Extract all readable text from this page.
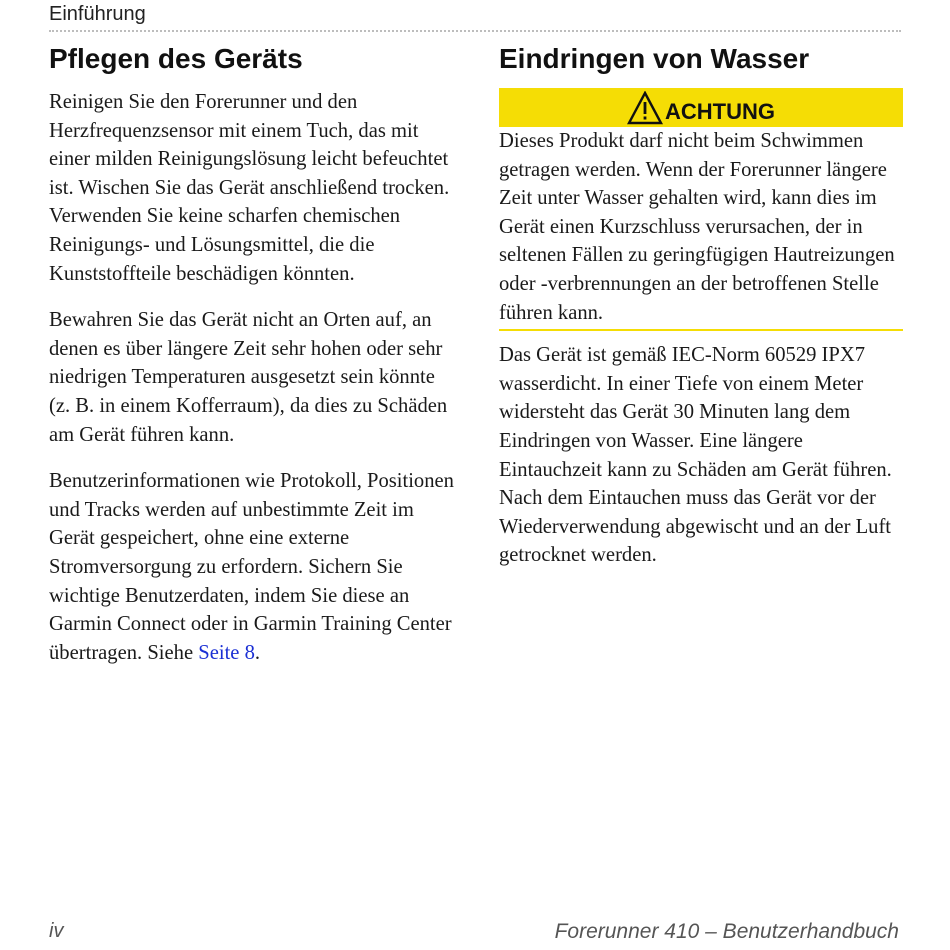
Einführung
Pflegen des Geräts

Reinigen Sie den Forerunner und den Herzfrequenzsensor mit einem Tuch, das mit einer milden Reinigungslösung leicht befeuchtet ist. Wischen Sie das Gerät anschließend trocken. Verwenden Sie keine scharfen chemischen Reinigungs- und Lösungsmittel, die die Kunststoffteile beschädigen könnten.

Bewahren Sie das Gerät nicht an Orten auf, an denen es über längere Zeit sehr hohen oder sehr niedrigen Temperaturen ausgesetzt sein könnte (z. B. in einem Kofferraum), da dies zu Schäden am Gerät führen kann.

Benutzerinformationen wie Protokoll, Positionen und Tracks werden auf unbestimmte Zeit im Gerät gespeichert, ohne eine externe Stromversorgung zu erfordern. Sichern Sie wichtige Benutzerdaten, indem Sie diese an Garmin Connect oder in Garmin Training Center übertragen. Siehe Seite 8.

Eindringen von Wasser
ACHTUNG

Dieses Produkt darf nicht beim Schwimmen getragen werden. Wenn der Forerunner längere Zeit unter Wasser gehalten wird, kann dies im Gerät einen Kurzschluss verursachen, der in seltenen Fällen zu geringfügigen Hautreizungen oder -verbrennungen an der betroffenen Stelle führen kann.

Das Gerät ist gemäß IEC-Norm 60529 IPX7 wasserdicht. In einer Tiefe von einem Meter widersteht das Gerät 30 Minuten lang dem Eindringen von Wasser. Eine längere Eintauchzeit kann zu Schäden am Gerät führen. Nach dem Eintauchen muss das Gerät vor der Wiederverwendung abgewischt und an der Luft getrocknet werden.

iv	Forerunner 410 – Benutzerhandbuch
